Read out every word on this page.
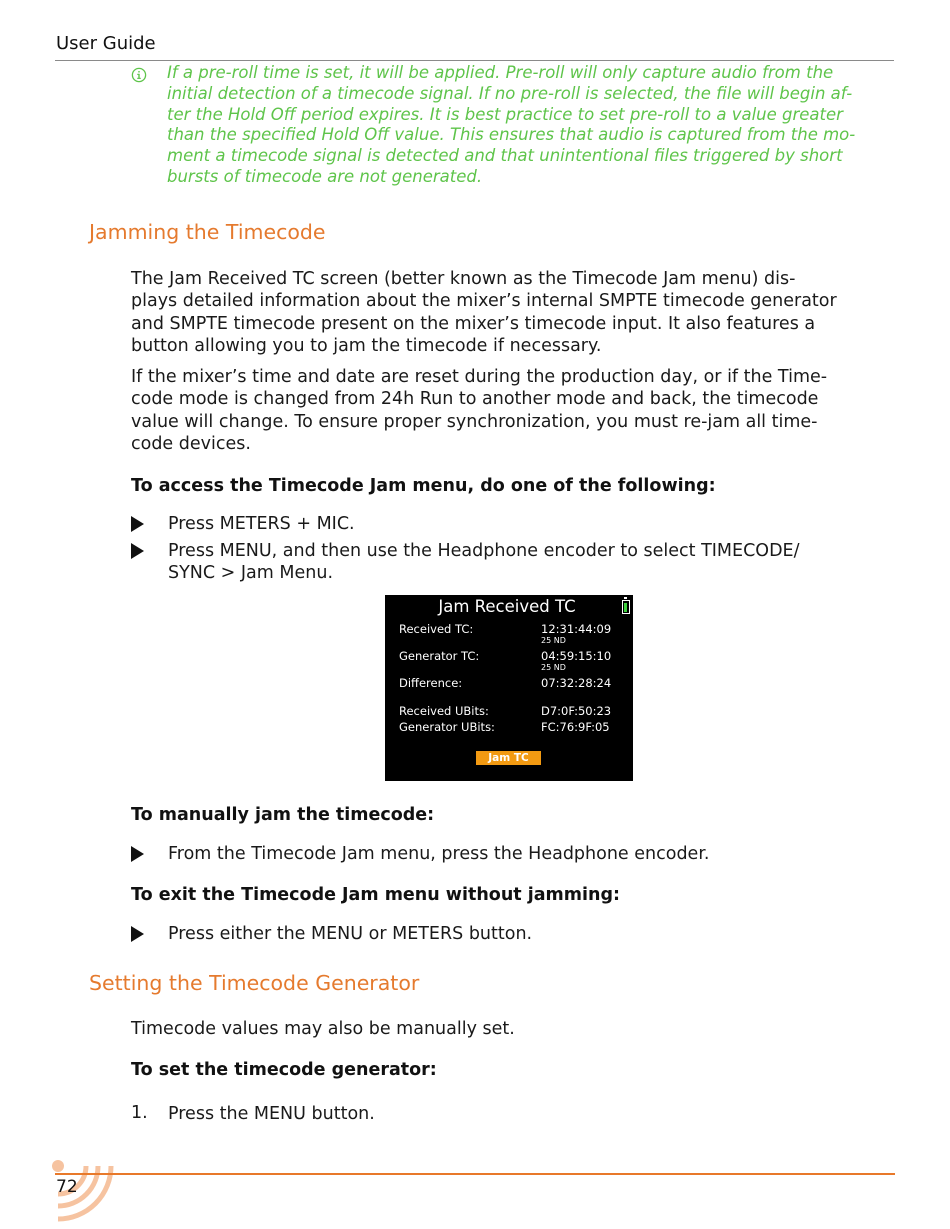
User Guide
If a pre-roll time is set, it will be applied. Pre-roll will only capture audio from the
initial detection of a timecode signal. If no pre-roll is selected, the file will begin af-
ter the Hold Off period expires. It is best practice to set pre-roll to a value greater
than the specified Hold Off value. This ensures that audio is captured from the mo-
ment a timecode signal is detected and that unintentional files triggered by short
bursts of timecode are not generated.
Jamming the Timecode
The Jam Received TC screen (better known as the Timecode Jam menu) dis-
plays detailed information about the mixer’s internal SMPTE timecode generator
and SMPTE timecode present on the mixer’s timecode input. It also features a
button allowing you to jam the timecode if necessary.
If the mixer’s time and date are reset during the production day, or if the Time-
code mode is changed from 24h Run to another mode and back, the timecode
value will change. To ensure proper synchronization, you must re-jam all time-
code devices.
To access the Timecode Jam menu, do one of the following:
Press METERS + MIC.
Press MENU, and then use the Headphone encoder to select TIMECODE/
SYNC > Jam Menu.
Jam Received TC
Received TC:	12:31:44:09
25 ND
Generator TC:	04:59:15:10
25 ND
Difference:	07:32:28:24
Received UBits:	D7:0F:50:23
Generator UBits:	FC:76:9F:05
Jam TC
To manually jam the timecode:
From the Timecode Jam menu, press the Headphone encoder.
To exit the Timecode Jam menu without jamming:
Press either the MENU or METERS button.
Setting the Timecode Generator
Timecode values may also be manually set.
To set the timecode generator:
1. Press the MENU button.
72
